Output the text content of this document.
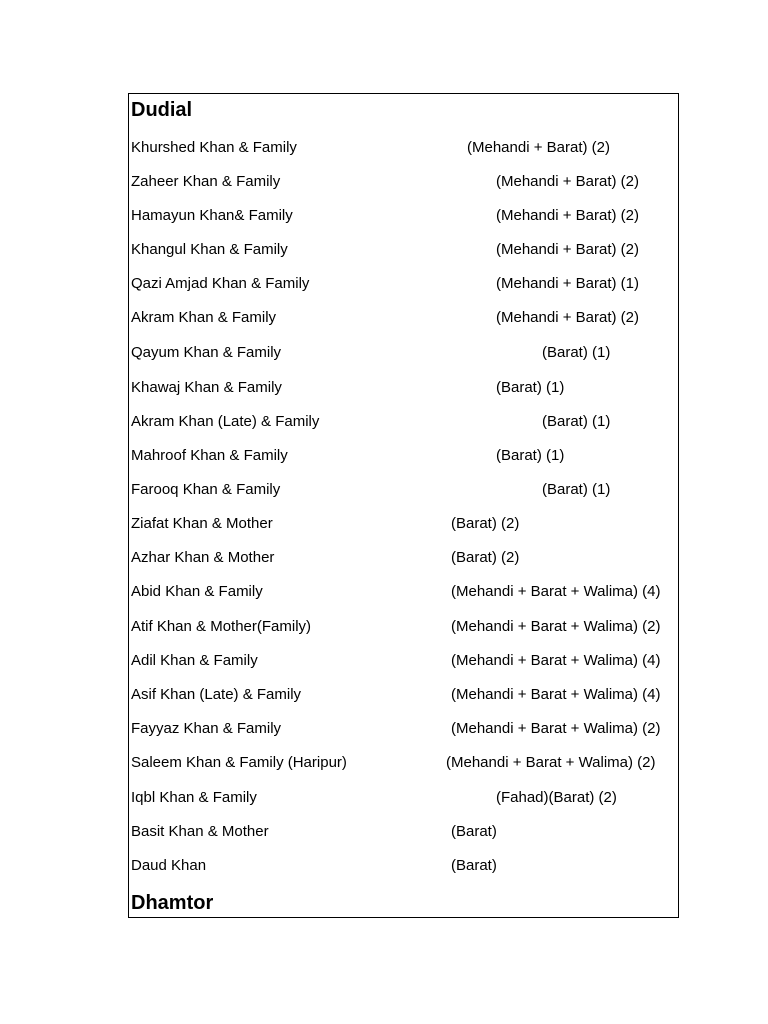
Dudial
Khurshed Khan & Family	(Mehandi + Barat) (2)
Zaheer Khan & Family	(Mehandi + Barat) (2)
Hamayun Khan& Family	(Mehandi + Barat) (2)
Khangul Khan & Family	(Mehandi + Barat) (2)
Qazi Amjad Khan & Family	(Mehandi + Barat) (1)
Akram Khan & Family	(Mehandi + Barat) (2)
Qayum Khan & Family	(Barat) (1)
Khawaj Khan & Family	(Barat) (1)
Akram Khan (Late) & Family	(Barat) (1)
Mahroof Khan & Family	(Barat) (1)
Farooq Khan & Family	(Barat) (1)
Ziafat Khan & Mother	(Barat) (2)
Azhar Khan & Mother	(Barat) (2)
Abid Khan & Family	(Mehandi + Barat + Walima) (4)
Atif Khan & Mother(Family)	(Mehandi + Barat + Walima) (2)
Adil Khan & Family	(Mehandi + Barat + Walima) (4)
Asif Khan (Late) & Family	(Mehandi + Barat + Walima) (4)
Fayyaz Khan & Family	(Mehandi + Barat + Walima) (2)
Saleem Khan & Family (Haripur)	(Mehandi + Barat + Walima) (2)
Iqbl Khan & Family	(Fahad)(Barat) (2)
Basit Khan & Mother	(Barat)
Daud Khan	(Barat)
Dhamtor
